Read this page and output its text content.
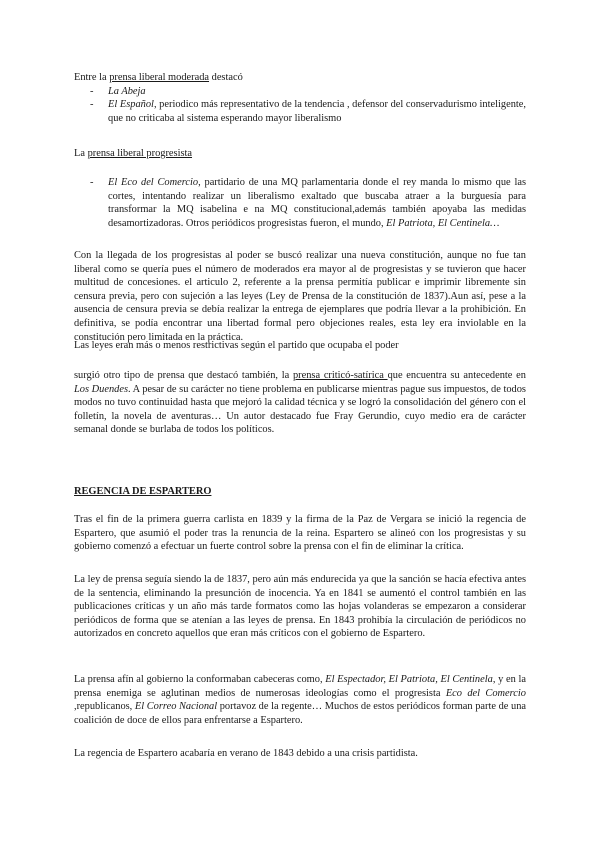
Entre la prensa liberal moderada destacó

- La Abeja
- El Español, periodico más representativo de la tendencia , defensor del conservadurismo inteligente, que no criticaba al sistema esperando mayor liberalismo

La prensa liberal progresista

- El Eco del Comercio, partidario de una MQ parlamentaria donde el rey manda lo mismo que las cortes, intentando realizar un liberalismo exaltado que buscaba atraer a la burguesía para transformar la MQ isabelina e na MQ constitucional,además también apoyaba las medidas desamortizadoras. Otros periódicos progresistas fueron, el mundo, El Patriota, El Centinela…

Con la llegada de los progresistas al poder se buscó realizar una nueva constitución, aunque no fue tan liberal como se quería pues el número de moderados era mayor al de progresistas y se tuvieron que hacer multitud de concesiones. el articulo 2, referente a la prensa permitía publicar e imprimir libremente sin censura previa, pero con sujeción a las leyes (Ley de Prensa de la constitución de 1837).Aun así, pese a la ausencia de censura previa se debía realizar la entrega de ejemplares que podría llevar a la prohibición. En definitiva, se podía encontrar una libertad formal pero objeciones reales, esta ley era inviolable en la constitución pero limitada en la práctica.

Las leyes eran más o menos restrictivas según el partido que ocupaba el poder

surgió otro tipo de prensa que destacó también, la prensa criticó-satírica que encuentra su antecedente en Los Duendes. A pesar de su carácter no tiene problema en publicarse mientras pague sus impuestos, de todos modos no tuvo continuidad hasta que mejoró la calidad técnica y se logró la consolidación del género con el folletín, la novela de aventuras… Un autor destacado fue Fray Gerundio, cuyo medio era de carácter semanal donde se burlaba de todos los políticos.

REGENCIA DE ESPARTERO

Tras el fin de la primera guerra carlista en 1839 y la firma de la Paz de Vergara se inició la regencia de Espartero, que asumió el poder tras la renuncia de la reina. Espartero se alineó con los progresistas y su gobierno comenzó a efectuar un fuerte control sobre la prensa con el fin de eliminar la crítica.

La ley de prensa seguía siendo la de 1837, pero aún más endurecida ya que la sanción se hacía efectiva antes de la sentencia, eliminando la presunción de inocencia. Ya en 1841 se aumentó el control también en las publicaciones críticas y un año más tarde formatos como las hojas volanderas se empezaron a considerar periódicos de forma que se atenían a las leyes de prensa. En 1843 prohibía la circulación de periódicos no autorizados en concreto aquellos que eran más críticos con el gobierno de Espartero.

La prensa afín al gobierno la conformaban cabeceras como, El Espectador, El Patriota, El Centinela, y en la prensa enemiga se aglutinan medios de numerosas ideologías como el progresista Eco del Comercio ,republicanos, El Correo Nacional portavoz de la regente… Muchos de estos periódicos forman parte de una coalición de doce de ellos para enfrentarse a Espartero.

La regencia de Espartero acabaría en verano de 1843 debido a una crisis partidista.
